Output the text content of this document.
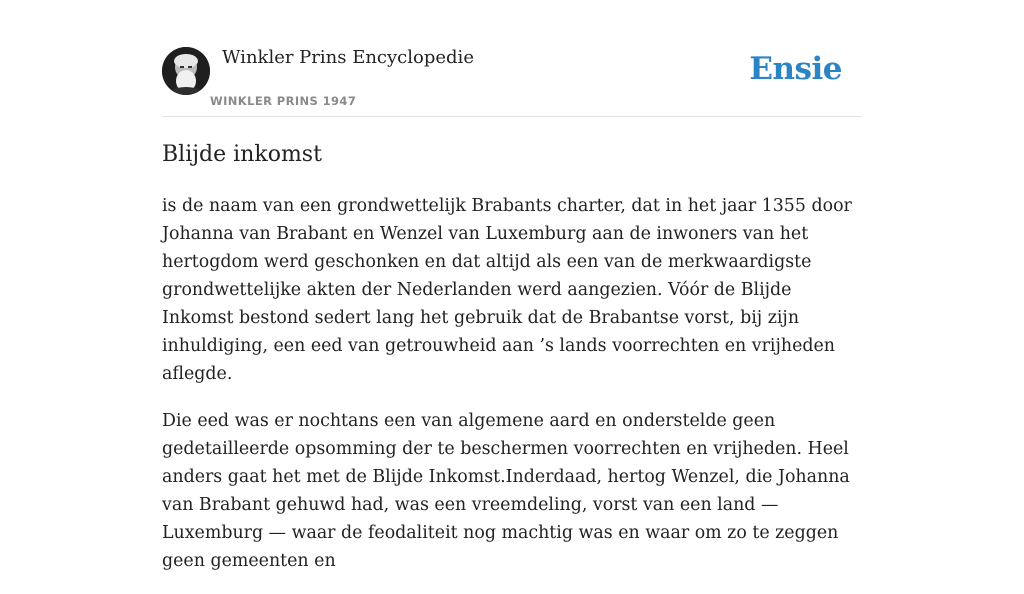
Winkler Prins Encyclopedie
WINKLER PRINS 1947
Ensie
Blijde inkomst

is de naam van een grondwettelijk Brabants charter, dat in het jaar 1355 door Johanna van Brabant en Wenzel van Luxemburg aan de inwoners van het hertogdom werd geschonken en dat altijd als een van de merkwaardigste grondwettelijke akten der Nederlanden werd aangezien. Vóór de Blijde Inkomst bestond sedert lang het gebruik dat de Brabantse vorst, bij zijn inhuldiging, een eed van getrouwheid aan ’s lands voorrechten en vrijheden aflegde.

Die eed was er nochtans een van algemene aard en onderstelde geen gedetailleerde opsomming der te beschermen voorrechten en vrijheden. Heel anders gaat het met de Blijde Inkomst.Inderdaad, hertog Wenzel, die Johanna van Brabant gehuwd had, was een vreemdeling, vorst van een land — Luxemburg — waar de feodaliteit nog machtig was en waar om zo te zeggen geen gemeenten en
